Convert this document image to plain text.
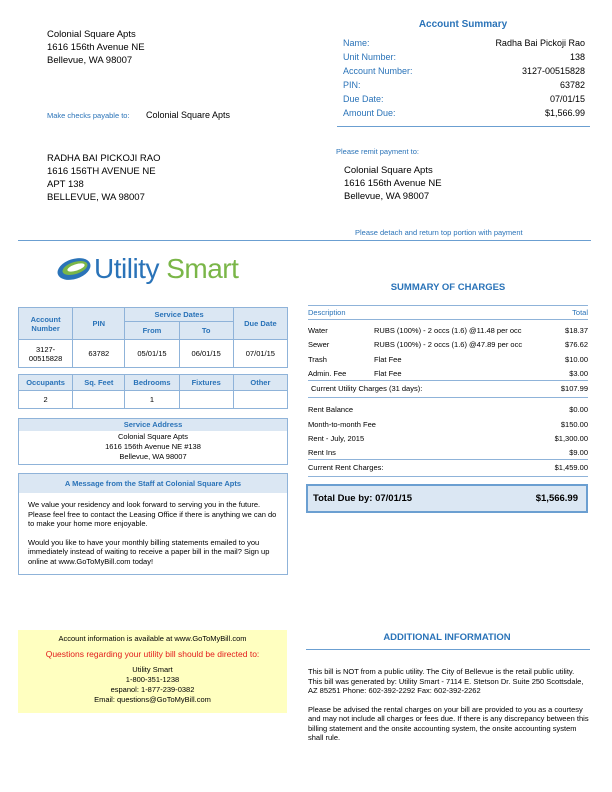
Colonial Square Apts
1616 156th Avenue NE
Bellevue, WA 98007
Make checks payable to: Colonial Square Apts
RADHA BAI PICKOJI RAO
1616 156TH AVENUE NE
APT 138
BELLEVUE, WA 98007
Account Summary
Name:	Radha Bai Pickoji Rao
Unit Number:	138
Account Number:	3127-00515828
PIN:	63782
Due Date:	07/01/15
Amount Due:	$1,566.99
Please remit payment to:
Colonial Square Apts
1616 156th Avenue NE
Bellevue, WA 98007
Please detach and return top portion with payment
Utility Smart
Account Number	PIN	Service Dates		Due Date
		From	To	
3127-00515828	63782	05/01/15	06/01/15	07/01/15
Occupants	Sq. Feet	Bedrooms	Fixtures	Other
2		1		
Service Address
Colonial Square Apts
1616 156th Avenue NE #138
Bellevue, WA 98007
A Message from the Staff at Colonial Square Apts

We value your residency and look forward to serving you in the future. Please feel free to contact the Leasing Office if there is anything we can do to make your home more enjoyable.

Would you like to have your monthly billing statements emailed to you immediately instead of waiting to receive a paper bill in the mail? Sign up online at www.GoToMyBill.com today!

SUMMARY OF CHARGES
Description	Total
Water	RUBS (100%) - 2 occs (1.6) @11.48 per occ	$18.37
Sewer	RUBS (100%) - 2 occs (1.6) @47.89 per occ	$76.62
Trash	Flat Fee	$10.00
Admin. Fee	Flat Fee	$3.00
Current Utility Charges (31 days):	$107.99
Rent Balance	$0.00
Month-to-month Fee	$150.00
Rent - July, 2015	$1,300.00
Rent Ins	$9.00
Current Rent Charges:	$1,459.00
Total Due by: 07/01/15	$1,566.99
Account information is available at www.GoToMyBill.com
Questions regarding your utility bill should be directed to:
Utility Smart
1-800-351-1238
espanol: 1-877-239-0382
Email: questions@GoToMyBill.com
ADDITIONAL INFORMATION

This bill is NOT from a public utility. The City of Bellevue is the retail public utility. This bill was generated by: Utility Smart - 7114 E. Stetson Dr. Suite 250 Scottsdale, AZ 85251 Phone: 602-392-2292 Fax: 602-392-2262

Please be advised the rental charges on your bill are provided to you as a courtesy and may not include all charges or fees due. If there is any discrepancy between this billing statement and the onsite accounting system, the onsite accounting system shall rule.
